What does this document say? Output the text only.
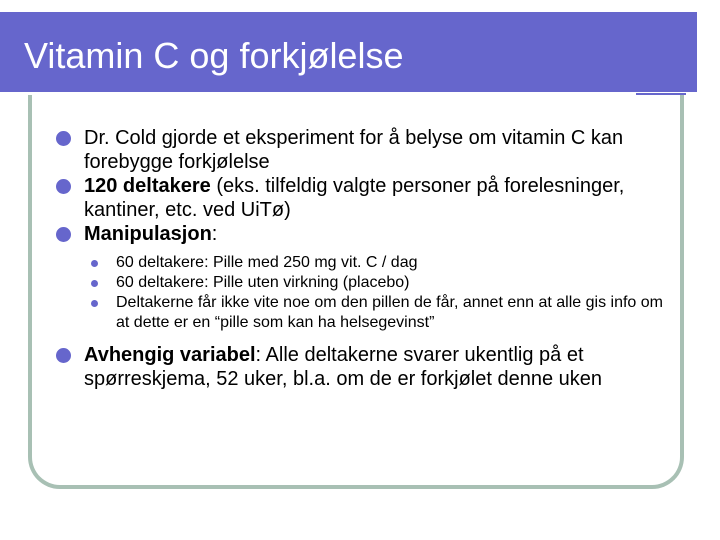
Vitamin C og forkjølelse

Dr. Cold gjorde et eksperiment for å belyse om vitamin C kan forebygge forkjølelse

120 deltakere (eks. tilfeldig valgte personer på forelesninger, kantiner, etc. ved UiTø)

Manipulasjon:

60 deltakere: Pille med 250 mg vit. C / dag

60 deltakere: Pille uten virkning (placebo)

Deltakerne får ikke vite noe om den pillen de får, annet enn at alle gis info om at dette er en “pille som kan ha helsegevinst”

Avhengig variabel: Alle deltakerne svarer ukentlig på et spørreskjema, 52 uker, bl.a. om de er forkjølet denne uken
